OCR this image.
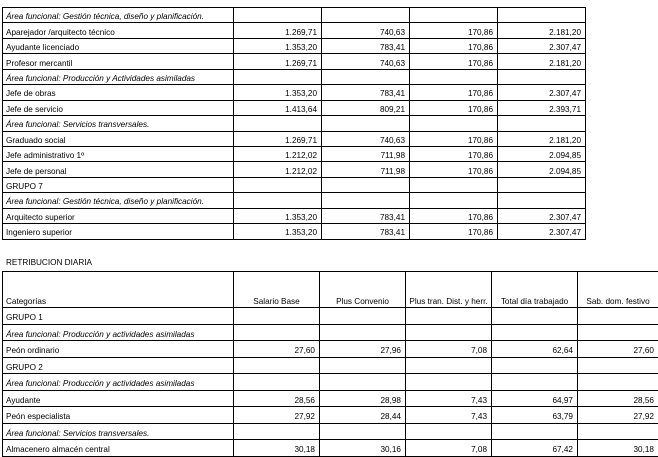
Área funcional: Gestión técnica, diseño y planificación.				
Aparejador /arquitecto técnico	1.269,71	740,63	170,86	2.181,20
Ayudante licenciado	1.353,20	783,41	170,86	2.307,47
Profesor mercantil	1.269,71	740,63	170,86	2.181,20
Área funcional: Producción y Actividades asimiladas				
Jefe de obras	1.353,20	783,41	170,86	2.307,47
Jefe de servicio	1.413,64	809,21	170,86	2.393,71
Área funcional: Servicios transversales.				
Graduado social	1.269,71	740,63	170,86	2.181,20
Jefe administrativo 1º	1.212,02	711,98	170,86	2.094,85
Jefe de personal	1.212,02	711,98	170,86	2.094,85
GRUPO 7				
Área funcional: Gestión técnica, diseño y planificación.				
Arquitecto superior	1.353,20	783,41	170,86	2.307,47
Ingeniero superior	1.353,20	783,41	170,86	2.307,47
RETRIBUCION DIARIA
Categorías	Salario Base	Plus Convenio	Plus tran. Dist. y herr.	Total día trabajado	Sab. dom. festivo
GRUPO 1					
Área funcional: Producción y actividades asimiladas					
Peón ordinario	27,60	27,96	7,08	62,64	27,60
GRUPO 2					
Área funcional: Producción y actividades asimiladas					
Ayudante	28,56	28,98	7,43	64,97	28,56
Peón especialista	27,92	28,44	7,43	63,79	27,92
Área funcional: Servicios transversales.					
Almacenero almacén central	30,18	30,16	7,08	67,42	30,18
